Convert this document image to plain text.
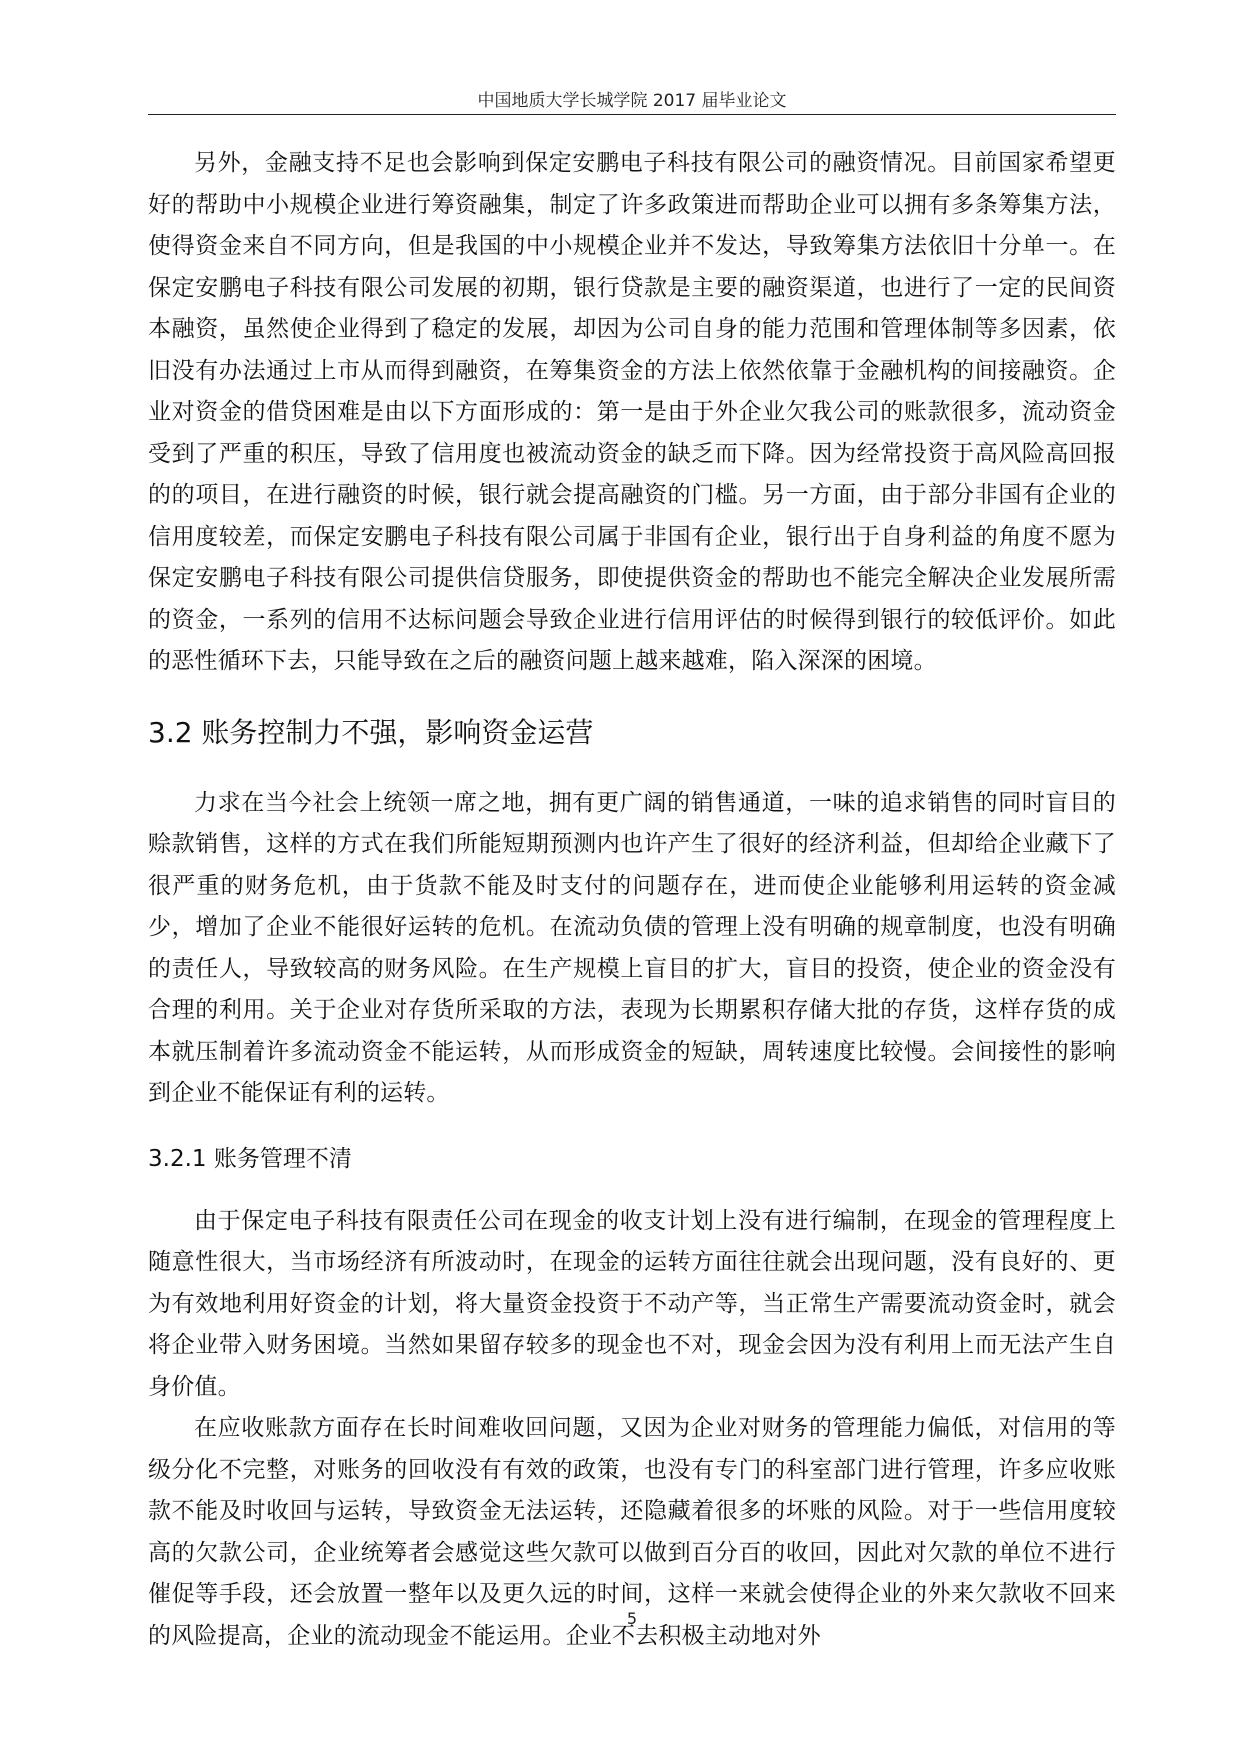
中国地质大学长城学院 2017 届毕业论文

另外，金融支持不足也会影响到保定安鹏电子科技有限公司的融资情况。目前国家希望更好的帮助中小规模企业进行筹资融集，制定了许多政策进而帮助企业可以拥有多条筹集方法，使得资金来自不同方向，但是我国的中小规模企业并不发达，导致筹集方法依旧十分单一。在保定安鹏电子科技有限公司发展的初期，银行贷款是主要的融资渠道，也进行了一定的民间资本融资，虽然使企业得到了稳定的发展，却因为公司自身的能力范围和管理体制等多因素，依旧没有办法通过上市从而得到融资，在筹集资金的方法上依然依靠于金融机构的间接融资。企业对资金的借贷困难是由以下方面形成的：第一是由于外企业欠我公司的账款很多，流动资金受到了严重的积压，导致了信用度也被流动资金的缺乏而下降。因为经常投资于高风险高回报的的项目，在进行融资的时候，银行就会提高融资的门槛。另一方面，由于部分非国有企业的信用度较差，而保定安鹏电子科技有限公司属于非国有企业，银行出于自身利益的角度不愿为保定安鹏电子科技有限公司提供信贷服务，即使提供资金的帮助也不能完全解决企业发展所需的资金，一系列的信用不达标问题会导致企业进行信用评估的时候得到银行的较低评价。如此的恶性循环下去，只能导致在之后的融资问题上越来越难，陷入深深的困境。

3.2 账务控制力不强，影响资金运营

力求在当今社会上统领一席之地，拥有更广阔的销售通道，一味的追求销售的同时盲目的赊款销售，这样的方式在我们所能短期预测内也许产生了很好的经济利益，但却给企业藏下了很严重的财务危机，由于货款不能及时支付的问题存在，进而使企业能够利用运转的资金减少，增加了企业不能很好运转的危机。在流动负债的管理上没有明确的规章制度，也没有明确的责任人，导致较高的财务风险。在生产规模上盲目的扩大，盲目的投资，使企业的资金没有合理的利用。关于企业对存货所采取的方法，表现为长期累积存储大批的存货，这样存货的成本就压制着许多流动资金不能运转，从而形成资金的短缺，周转速度比较慢。会间接性的影响到企业不能保证有利的运转。

3.2.1 账务管理不清

由于保定电子科技有限责任公司在现金的收支计划上没有进行编制，在现金的管理程度上随意性很大，当市场经济有所波动时，在现金的运转方面往往就会出现问题，没有良好的、更为有效地利用好资金的计划，将大量资金投资于不动产等，当正常生产需要流动资金时，就会将企业带入财务困境。当然如果留存较多的现金也不对，现金会因为没有利用上而无法产生自身价值。

在应收账款方面存在长时间难收回问题，又因为企业对财务的管理能力偏低，对信用的等级分化不完整，对账务的回收没有有效的政策，也没有专门的科室部门进行管理，许多应收账款不能及时收回与运转，导致资金无法运转，还隐藏着很多的坏账的风险。对于一些信用度较高的欠款公司，企业统筹者会感觉这些欠款可以做到百分百的收回，因此对欠款的单位不进行催促等手段，还会放置一整年以及更久远的时间，这样一来就会使得企业的外来欠款收不回来的风险提高，企业的流动现金不能运用。企业不去积极主动地对外

5
